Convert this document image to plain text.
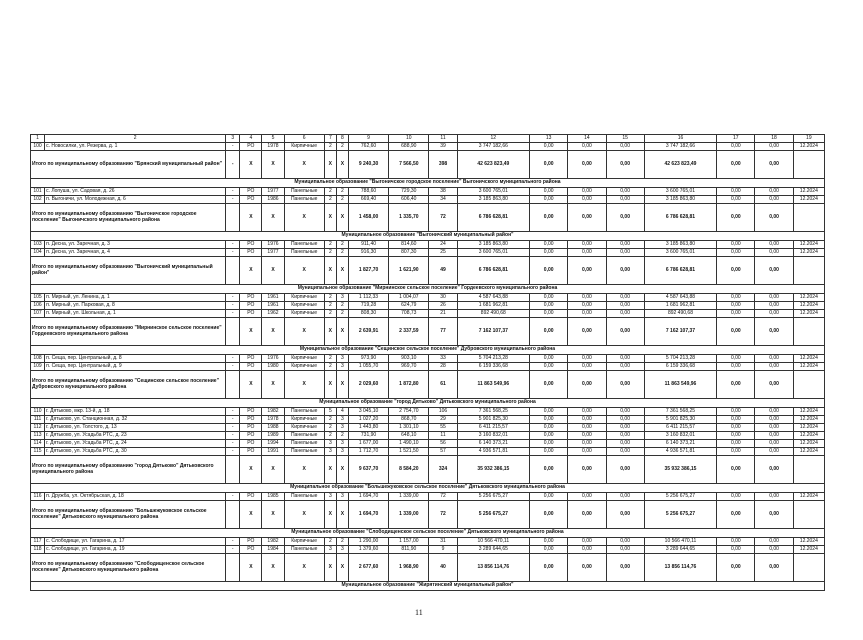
1	2	3	4	5	6	7	8	9	10	11	12	13	14	15	16	17	18	19
100	с. Новосилки, ул. Резерва, д. 1	-	РО	1978	Кирпичные	2	2	762,60	688,90	39	3 747 182,66	0,00	0,00	0,00	3 747 182,66	0,00	0,00	12.2024
Итого по муниципальному образованию "Брянский муниципальный район"		-	X	X	X	X	X	9 240,30	7 566,50	398	42 623 823,49	0,00	0,00	0,00	42 623 823,49	0,00	0,00	
Муниципальное образование "Выгоничское городское поселение" Выгоничского муниципального района																		
101	с. Лопуша, ул. Садовая, д. 26	-	РО	1977	Панельные	2	2	788,60	729,30	38	3 600 765,01	0,00	0,00	0,00	3 600 765,01	0,00	0,00	12.2024
102	п. Выгоничи, ул. Молодежная, д. 6	-	РО	1986	Панельные	2	2	669,40	606,40	34	3 185 863,80	0,00	0,00	0,00	3 185 863,80	0,00	0,00	12.2024
Итого по муниципальному образованию "Выгоничское городское поселение" Выгоничского муниципального района			X	X	X	X	X	1 458,00	1 335,70	72	6 786 628,81	0,00	0,00	0,00	6 786 628,81	0,00	0,00	
Муниципальное образование "Выгоничский муниципальный район"																		
103	п. Десна, ул. Заречная, д. 3	-	РО	1976	Панельные	2	2	911,40	814,60	24	3 185 863,80	0,00	0,00	0,00	3 185 863,80	0,00	0,00	12.2024
104	п. Десна, ул. Заречная, д. 4	-	РО	1977	Панельные	2	2	916,30	807,30	25	3 600 765,01	0,00	0,00	0,00	3 600 765,01	0,00	0,00	12.2024
Итого по муниципальному образованию "Выгоничский муниципальный район"			X	X	X	X	X	1 827,70	1 621,90	49	6 786 628,81	0,00	0,00	0,00	6 786 628,81	0,00	0,00	
Муниципальное образование "Мирнинское сельское поселение" Гордеевского муниципального района																		
105	п. Мирный, ул. Ленина, д. 1	-	РО	1961	Кирпичные	2	3	1 112,33	1 004,07	30	4 587 643,88	0,00	0,00	0,00	4 587 643,88	0,00	0,00	12.2024
106	п. Мирный, ул. Парковая, д. 8	-	РО	1961	Кирпичные	2	2	719,28	624,79	26	1 681 962,81	0,00	0,00	0,00	1 681 962,81	0,00	0,00	12.2024
107	п. Мирный, ул. Школьная, д. 1	-	РО	1962	Кирпичные	2	2	808,30	708,73	21	892 490,68	0,00	0,00	0,00	892 490,68	0,00	0,00	12.2024
Итого по муниципальному образованию "Мирнинское сельское поселение" Гордеевского муниципального района			X	X	X	X	X	2 639,91	2 337,59	77	7 162 107,37	0,00	0,00	0,00	7 162 107,37	0,00	0,00	
Муниципальное образование "Сещинское сельское поселение" Дубровского муниципального района																		
108	п. Сеща, пер. Центральный, д. 8	-	РО	1976	Кирпичные	2	3	973,90	903,10	33	5 704 213,28	0,00	0,00	0,00	5 704 213,28	0,00	0,00	12.2024
109	п. Сеща, пер. Центральный, д. 9	-	РО	1980	Кирпичные	2	3	1 055,70	969,70	28	6 159 336,68	0,00	0,00	0,00	6 159 336,68	0,00	0,00	12.2024
Итого по муниципальному образованию "Сещинское сельское поселение" Дубровского муниципального района			X	X	X	X	X	2 029,60	1 872,80	61	11 863 549,96	0,00	0,00	0,00	11 863 549,96	0,00	0,00	
Муниципальное образование "город Дятьково" Дятьковского муниципального района																		
110	г. Дятьково, мкр. 13-й, д. 18	-	РО	1982	Панельные	5	4	3 045,10	2 754,70	106	7 361 568,25	0,00	0,00	0,00	7 361 568,25	0,00	0,00	12.2024
111	г. Дятьково, ул. Станционная, д. 32	-	РО	1978	Кирпичные	2	3	1 027,20	868,70	29	5 901 825,30	0,00	0,00	0,00	5 901 825,30	0,00	0,00	12.2024
112	г. Дятьково, ул. Толстого, д. 13	-	РО	1988	Кирпичные	2	3	1 443,80	1 301,10	55	6 411 215,57	0,00	0,00	0,00	6 411 215,57	0,00	0,00	12.2024
113	г. Дятьково, ул. Усадьба РТС, д. 23	-	РО	1989	Панельные	2	2	731,90	648,10	11	3 160 832,01	0,00	0,00	0,00	3 160 832,01	0,00	0,00	12.2024
114	г. Дятьково, ул. Усадьба РТС, д. 24	-	РО	1994	Панельные	3	3	1 677,00	1 490,10	56	6 140 373,21	0,00	0,00	0,00	6 140 373,21	0,00	0,00	12.2024
115	г. Дятьково, ул. Усадьба РТС, д. 30	-	РО	1991	Панельные	3	3	1 712,70	1 521,50	57	4 936 571,81	0,00	0,00	0,00	4 936 571,81	0,00	0,00	12.2024
Итого по муниципальному образованию "город Дятьково" Дятьковского муниципального района			X	X	X	X	X	9 637,70	8 584,20	324	35 932 386,15	0,00	0,00	0,00	35 932 386,15	0,00	0,00	
Муниципальное образование "Большежуковское сельское поселение" Дятьковского муниципального района																		
116	п. Дружба, ул. Октябрьская, д. 18	-	РО	1985	Панельные	3	3	1 694,70	1 339,00	72	5 256 675,27	0,00	0,00	0,00	5 256 675,27	0,00	0,00	12.2024
Итого по муниципальному образованию "Большежуковское сельское поселение" Дятьковского муниципального района			X	X	X	X	X	1 694,70	1 339,00	72	5 256 675,27	0,00	0,00	0,00	5 256 675,27	0,00	0,00	
Муниципальное образование "Слободищенское сельское поселение" Дятьковского муниципального района																		
117	с. Слободище, ул. Гагарина, д. 17	-	РО	1982	Кирпичные	2	2	1 290,00	1 157,00	31	10 566 470,11	0,00	0,00	0,00	10 566 470,11	0,00	0,00	12.2024
118	с. Слободище, ул. Гагарина, д. 19	-	РО	1984	Панельные	3	3	1 379,60	811,90	9	3 289 644,65	0,00	0,00	0,00	3 289 644,65	0,00	0,00	12.2024
Итого по муниципальному образованию "Слободищенское сельское поселение" Дятьковского муниципального района			X	X	X	X	X	2 677,60	1 968,90	40	13 856 114,76	0,00	0,00	0,00	13 856 114,76	0,00	0,00	
Муниципальное образование "Жирятинский муниципальный район"																		
11
